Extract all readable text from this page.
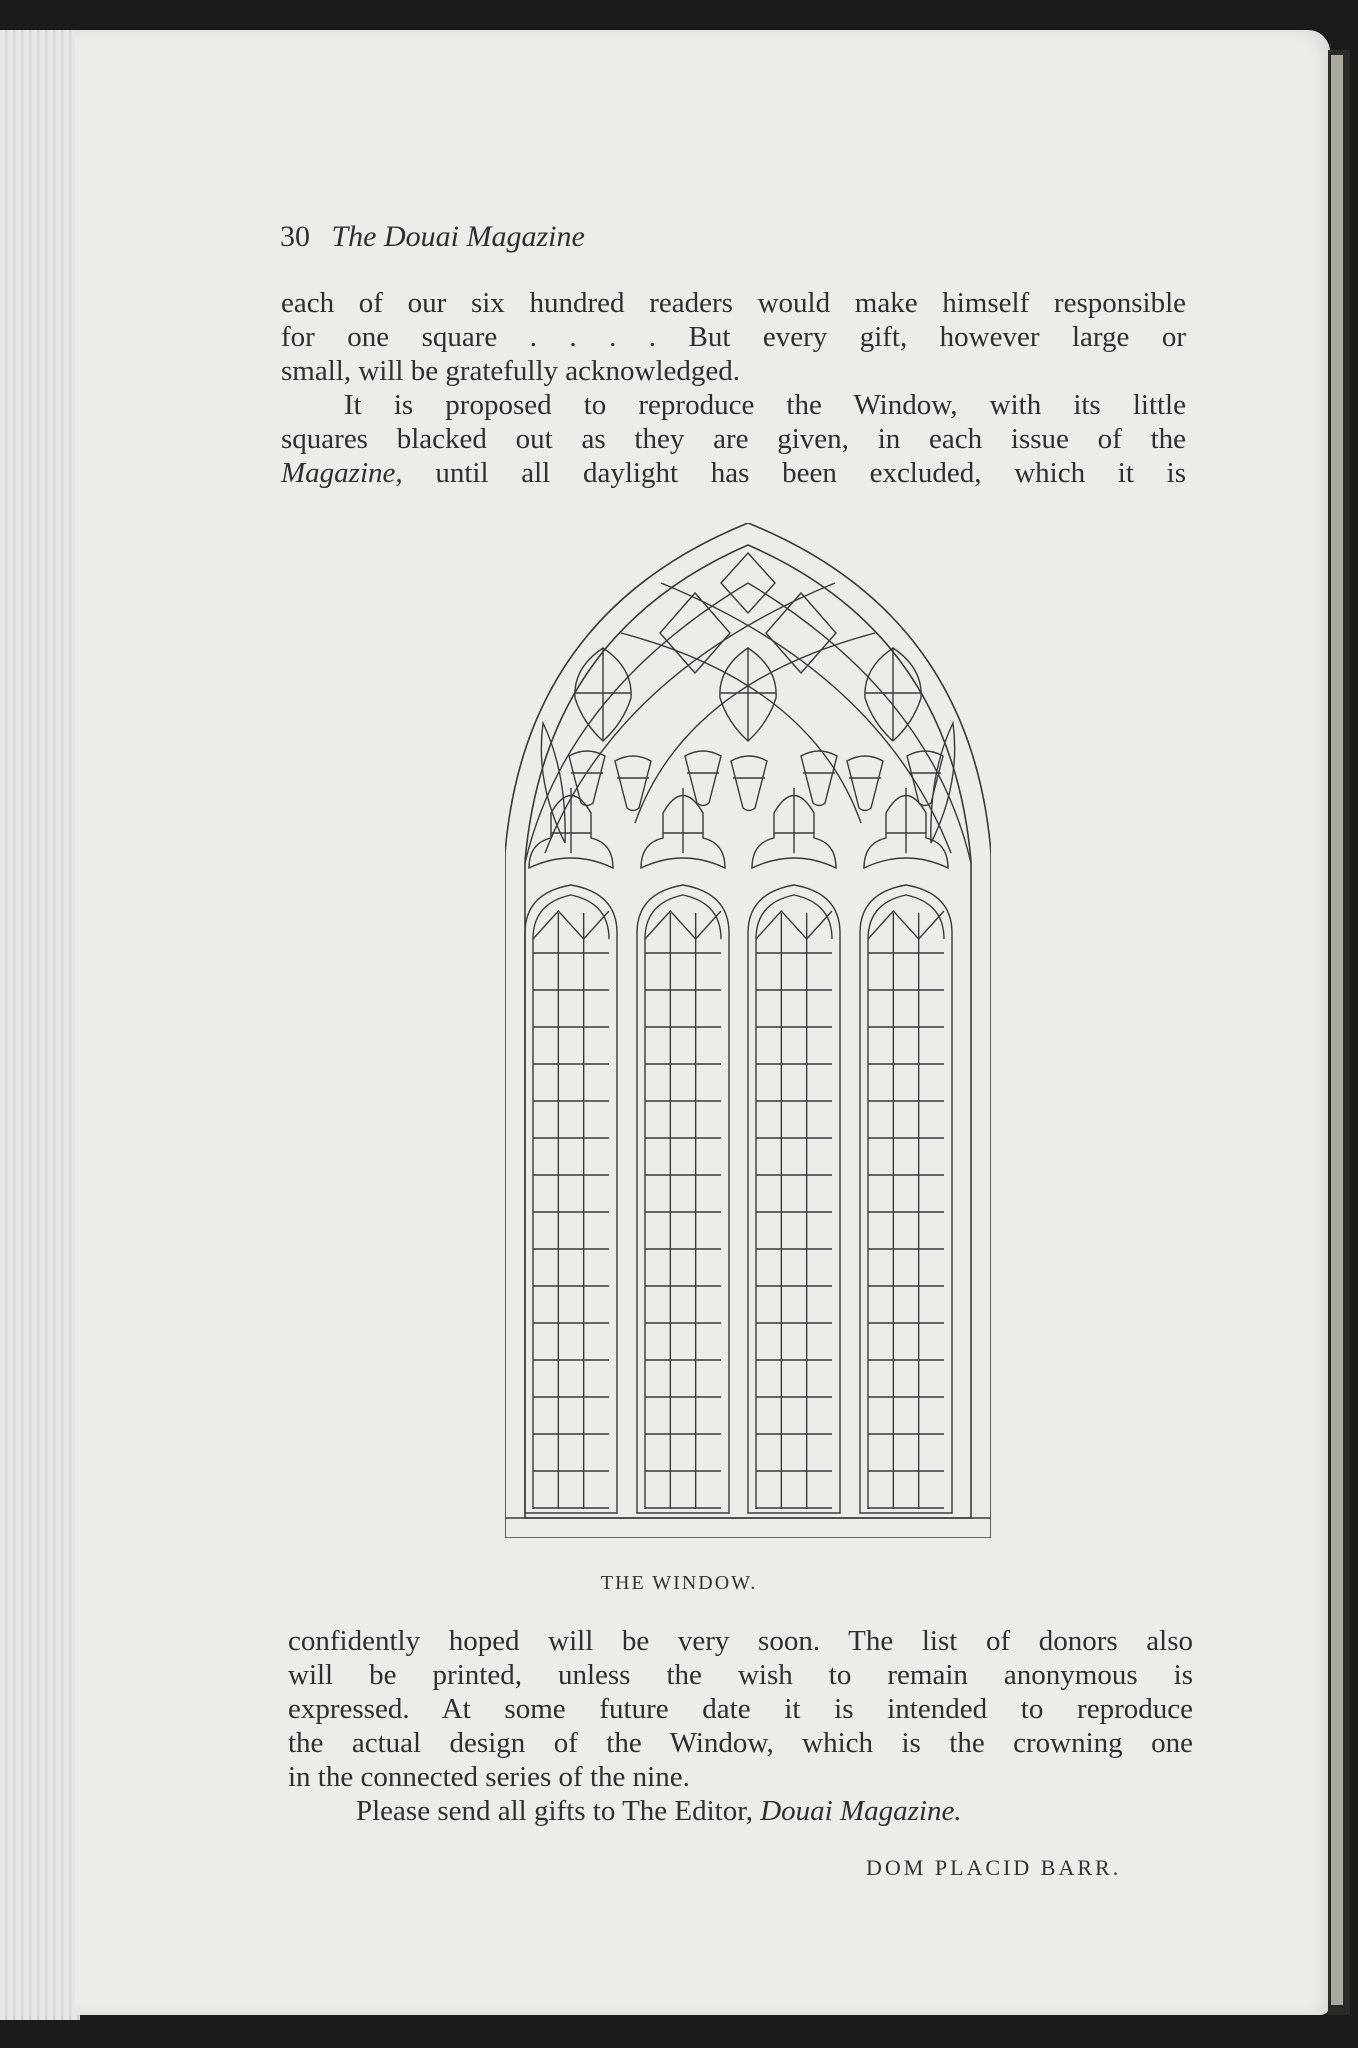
30 The Douai Magazine
each of our six hundred readers would make himself responsible
for one square . . . . But every gift, however large or
small, will be gratefully acknowledged.
It is proposed to reproduce the Window, with its little
squares blacked out as they are given, in each issue of the
Magazine, until all daylight has been excluded, which it is
THE WINDOW.
confidently hoped will be very soon. The list of donors also
will be printed, unless the wish to remain anonymous is
expressed. At some future date it is intended to reproduce
the actual design of the Window, which is the crowning one
in the connected series of the nine.
Please send all gifts to The Editor, Douai Magazine.
DOM PLACID BARR.
